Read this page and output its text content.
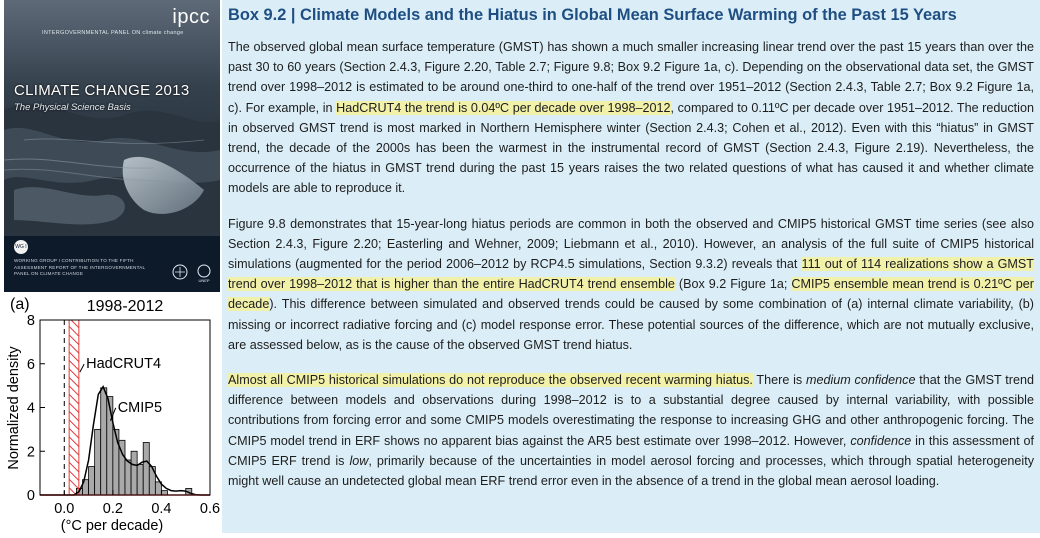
ipcc
INTERGOVERNMENTAL PANEL ON climate change
CLIMATE CHANGE 2013
The Physical Science Basis
WG I
WORKING GROUP I CONTRIBUTION TO THE FIFTH ASSESSMENT REPORT OF THE INTERGOVERNMENTAL PANEL ON CLIMATE CHANGE
UNEP
(a)	1998-2012
Normalized density
(°C per decade)
0.0 0.2 0.4 0.6
0
2
4
6
8
HadCRUT4
CMIP5
Box 9.2 | Climate Models and the Hiatus in Global Mean Surface Warming of the Past 15 Years

The observed global mean surface temperature (GMST) has shown a much smaller increasing linear trend over the past 15 years than over the past 30 to 60 years (Section 2.4.3, Figure 2.20, Table 2.7; Figure 9.8; Box 9.2 Figure 1a, c). Depending on the observational data set, the GMST trend over 1998–2012 is estimated to be around one-third to one-half of the trend over 1951–2012 (Section 2.4.3, Table 2.7; Box 9.2 Figure 1a, c). For example, in HadCRUT4 the trend is 0.04ºC per decade over 1998–2012, compared to 0.11ºC per decade over 1951–2012. The reduction in observed GMST trend is most marked in Northern Hemisphere winter (Section 2.4.3; Cohen et al., 2012). Even with this “hiatus” in GMST trend, the decade of the 2000s has been the warmest in the instrumental record of GMST (Section 2.4.3, Figure 2.19). Nevertheless, the occurrence of the hiatus in GMST trend during the past 15 years raises the two related questions of what has caused it and whether climate models are able to reproduce it.

Figure 9.8 demonstrates that 15-year-long hiatus periods are common in both the observed and CMIP5 historical GMST time series (see also Section 2.4.3, Figure 2.20; Easterling and Wehner, 2009; Liebmann et al., 2010). However, an analysis of the full suite of CMIP5 historical simulations (augmented for the period 2006–2012 by RCP4.5 simulations, Section 9.3.2) reveals that 111 out of 114 realizations show a GMST trend over 1998–2012 that is higher than the entire HadCRUT4 trend ensemble (Box 9.2 Figure 1a; CMIP5 ensemble mean trend is 0.21ºC per decade). This difference between simulated and observed trends could be caused by some combination of (a) internal climate variability, (b) missing or incorrect radiative forcing and (c) model response error. These potential sources of the difference, which are not mutually exclusive, are assessed below, as is the cause of the observed GMST trend hiatus.

Almost all CMIP5 historical simulations do not reproduce the observed recent warming hiatus. There is medium confidence that the GMST trend difference between models and observations during 1998–2012 is to a substantial degree caused by internal variability, with possible contributions from forcing error and some CMIP5 models overestimating the response to increasing GHG and other anthropogenic forcing. The CMIP5 model trend in ERF shows no apparent bias against the AR5 best estimate over 1998–2012. However, confidence in this assessment of CMIP5 ERF trend is low, primarily because of the uncertainties in model aerosol forcing and processes, which through spatial heterogeneity might well cause an undetected global mean ERF trend error even in the absence of a trend in the global mean aerosol loading.
